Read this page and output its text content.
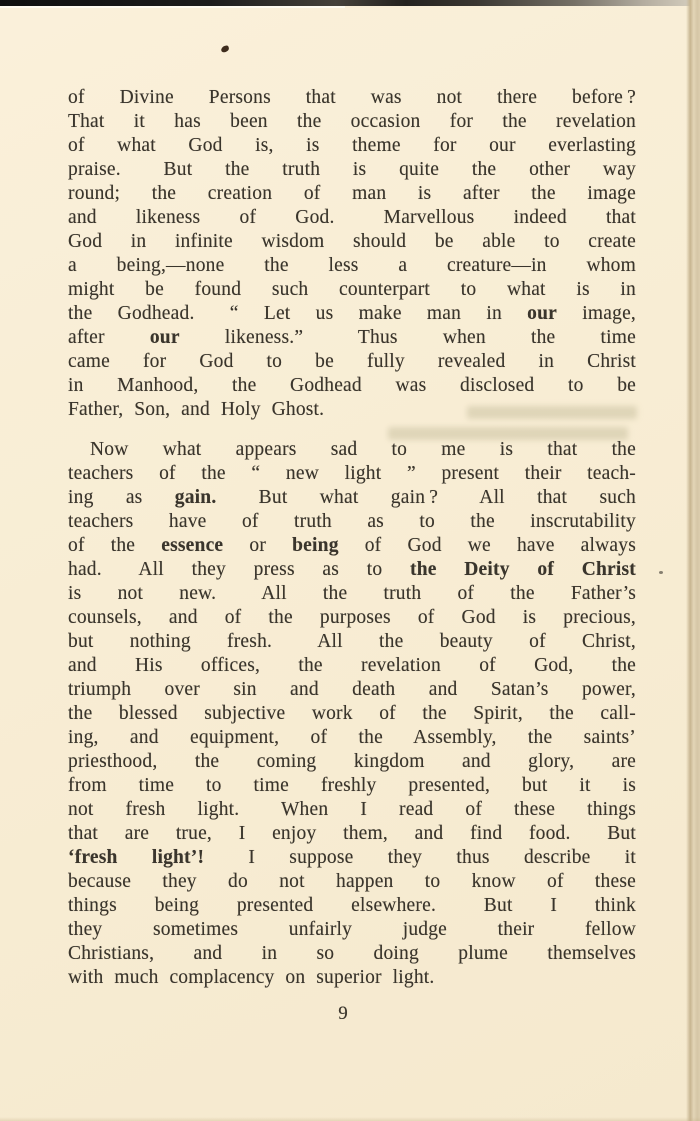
of Divine Persons that was not there before ?
That it has been the occasion for the revelation
of what God is, is theme for our everlasting
praise.  But the truth is quite the other way
round; the creation of man is after the image
and likeness of God.  Marvellous indeed that
God in infinite wisdom should be able to create
a being,—none the less a creature—in whom
might be found such counterpart to what is in
the Godhead.  “ Let us make man in our image,
after our likeness.”  Thus when the time
came for God to be fully revealed in Christ
in Manhood, the Godhead was disclosed to be
Father, Son, and Holy Ghost.
Now what appears sad to me is that the
teachers of the “ new light ” present their teach-
ing as gain.  But what gain ?  All that such
teachers have of truth as to the inscrutability
of the essence or being of God we have always
had.  All they press as to the Deity of Christ
is not new.  All the truth of the Father’s
counsels, and of the purposes of God is precious,
but nothing fresh.  All the beauty of Christ,
and His offices, the revelation of God, the
triumph over sin and death and Satan’s power,
the blessed subjective work of the Spirit, the call-
ing, and equipment, of the Assembly, the saints’
priesthood, the coming kingdom and glory, are
from time to time freshly presented, but it is
not fresh light.  When I read of these things
that are true, I enjoy them, and find food.  But
‘fresh light’!  I suppose they thus describe it
because they do not happen to know of these
things being presented elsewhere.  But I think
they sometimes unfairly judge their fellow
Christians, and in so doing plume themselves
with much complacency on superior light.
9
